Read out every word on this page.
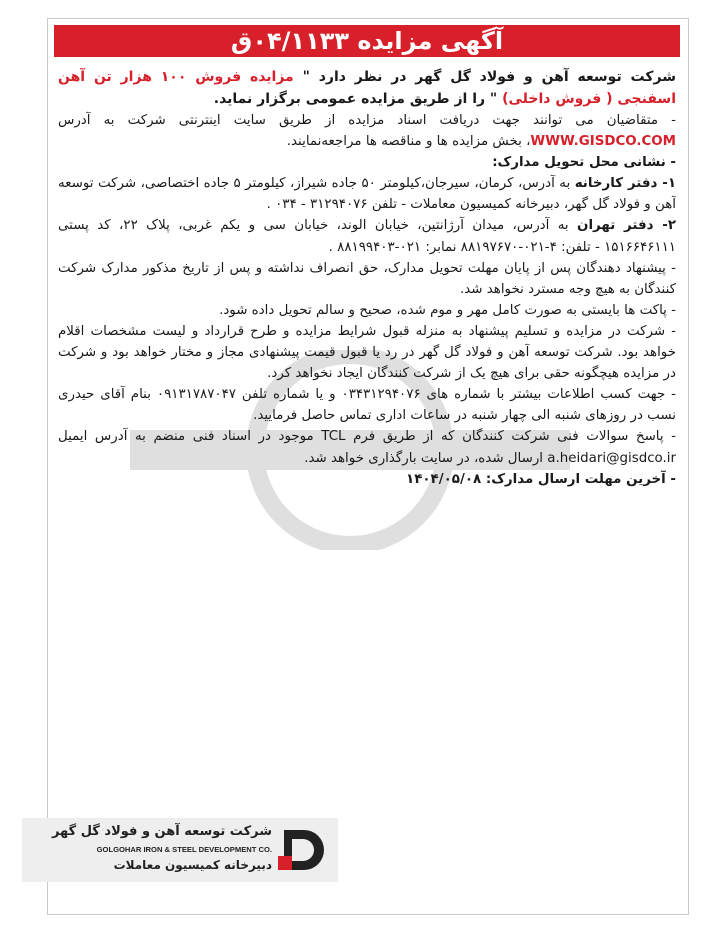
آگهی مزایده ۰۴/۱۱۳۳ق

شرکت توسعه آهن و فولاد گل گهر در نظر دارد " مزایده فروش ۱۰۰ هزار تن آهن اسفنجی ( فروش داخلی) " را از طریق مزایده عمومی برگزار نماید.

- متقاضیان می توانند جهت دریافت اسناد مزایده از طریق سایت اینترنتی شرکت به آدرس WWW.GISDCO.COM، بخش مزایده ها و مناقصه ها مراجعه‌نمایند.

- نشانی محل تحویل مدارک:

۱- دفتر کارخانه به آدرس، کرمان، سیرجان،کیلومتر ۵۰ جاده شیراز، کیلومتر ۵ جاده اختصاصی، شرکت توسعه آهن و فولاد گل گهر، دبیرخانه کمیسیون معاملات - تلفن ۳۱۲۹۴۰۷۶ - ۰۳۴ .

۲- دفتر تهران به آدرس، میدان آرژانتین، خیابان الوند، خیابان سی و یکم غربی، پلاک ۲۲، کد پستی ۱۵۱۶۶۴۶۱۱۱ - تلفن: ۴-۰۲۱-۸۸۱۹۷۶۷۰ نمابر: ۰۲۱-۸۸۱۹۹۴۰۳ .

- پیشنهاد دهندگان پس از پایان مهلت تحویل مدارک، حق انصراف نداشته و پس از تاریخ مذکور مدارک شرکت کنندگان به هیچ وجه مسترد نخواهد شد.

- پاکت ها بایستی به صورت کامل مهر و موم شده، صحیح و سالم تحویل داده شود.

- شرکت در مزایده و تسلیم پیشنهاد به منزله قبول شرایط مزایده و طرح قرارداد و لیست مشخصات اقلام خواهد بود. شرکت توسعه آهن و فولاد گل گهر در رد یا قبول قیمت پیشنهادی مجاز و مختار خواهد بود و شرکت در مزایده هیچگونه حقی برای هیچ یک از شرکت کنندگان ایجاد نخواهد کرد.

- جهت کسب اطلاعات بیشتر با شماره های ۰۳۴۳۱۲۹۴۰۷۶ و یا شماره تلفن ۰۹۱۳۱۷۸۷۰۴۷ بنام آقای حیدری نسب در روزهای شنبه الی چهار شنبه در ساعات اداری تماس حاصل فرمایید.

- پاسخ سوالات فنی شرکت کنندگان که از طریق فرم TCL موجود در اسناد فنی منضم به آدرس ایمیل a.heidari@gisdco.ir ارسال شده، در سایت بارگذاری خواهد شد.

- آخرین مهلت ارسال مدارک: ۱۴۰۴/۰۵/۰۸

شرکت توسعه آهن و فولاد گل گهر
GOLGOHAR IRON & STEEL DEVELOPMENT CO.
دبیرخانه کمیسیون معاملات
